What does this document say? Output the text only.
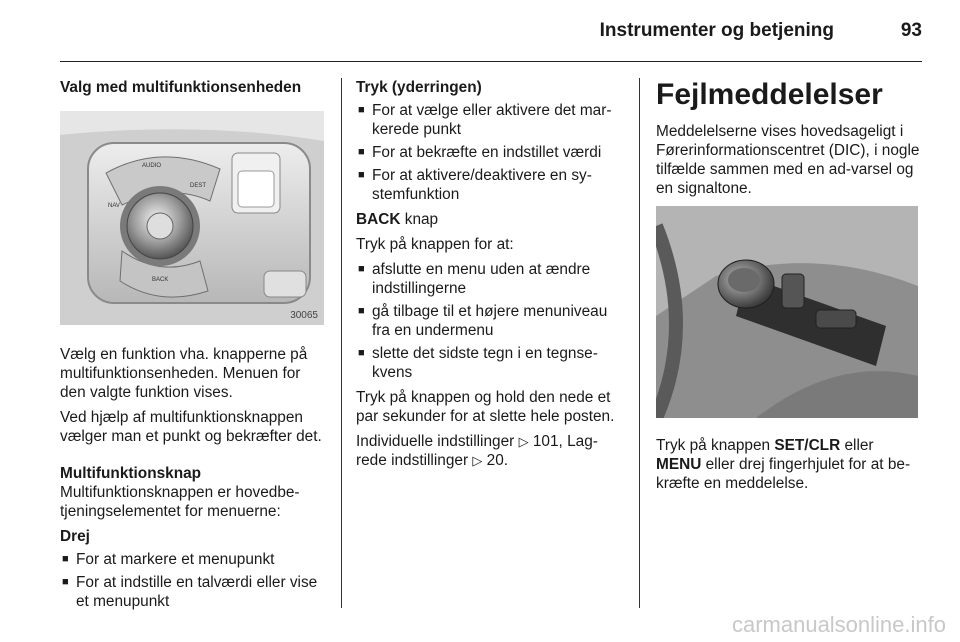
Instrumenter og betjening	93
Valg med multifunktionsenheden
AUDIO
NAV
DEST
BACK
30065
Vælg en funktion vha. knapperne på multifunktionsenheden. Menuen for den valgte funktion vises.
Ved hjælp af multifunktionsknappen vælger man et punkt og bekræfter det.
Multifunktionsknap
Multifunktionsknappen er hovedbe-tjeningselementet for menuerne:
Drej
■ For at markere et menupunkt
■ For at indstille en talværdi eller vise et menupunkt
Tryk (yderringen)
■ For at vælge eller aktivere det mar-kerede punkt
■ For at bekræfte en indstillet værdi
■ For at aktivere/deaktivere en sy-stemfunktion
BACK knap
Tryk på knappen for at:
■ afslutte en menu uden at ændre indstillingerne
■ gå tilbage til et højere menuniveau fra en undermenu
■ slette det sidste tegn i en tegnse-kvens
Tryk på knappen og hold den nede et par sekunder for at slette hele posten.
Individuelle indstillinger ▷ 101, Lag-rede indstillinger ▷ 20.
Fejlmeddelelser
Meddelelserne vises hovedsageligt i Førerinformationscentret (DIC), i nogle tilfælde sammen med en ad-varsel og en signaltone.
Tryk på knappen SET/CLR eller MENU eller drej fingerhjulet for at be-kræfte en meddelelse.
carmanualsonline.info
